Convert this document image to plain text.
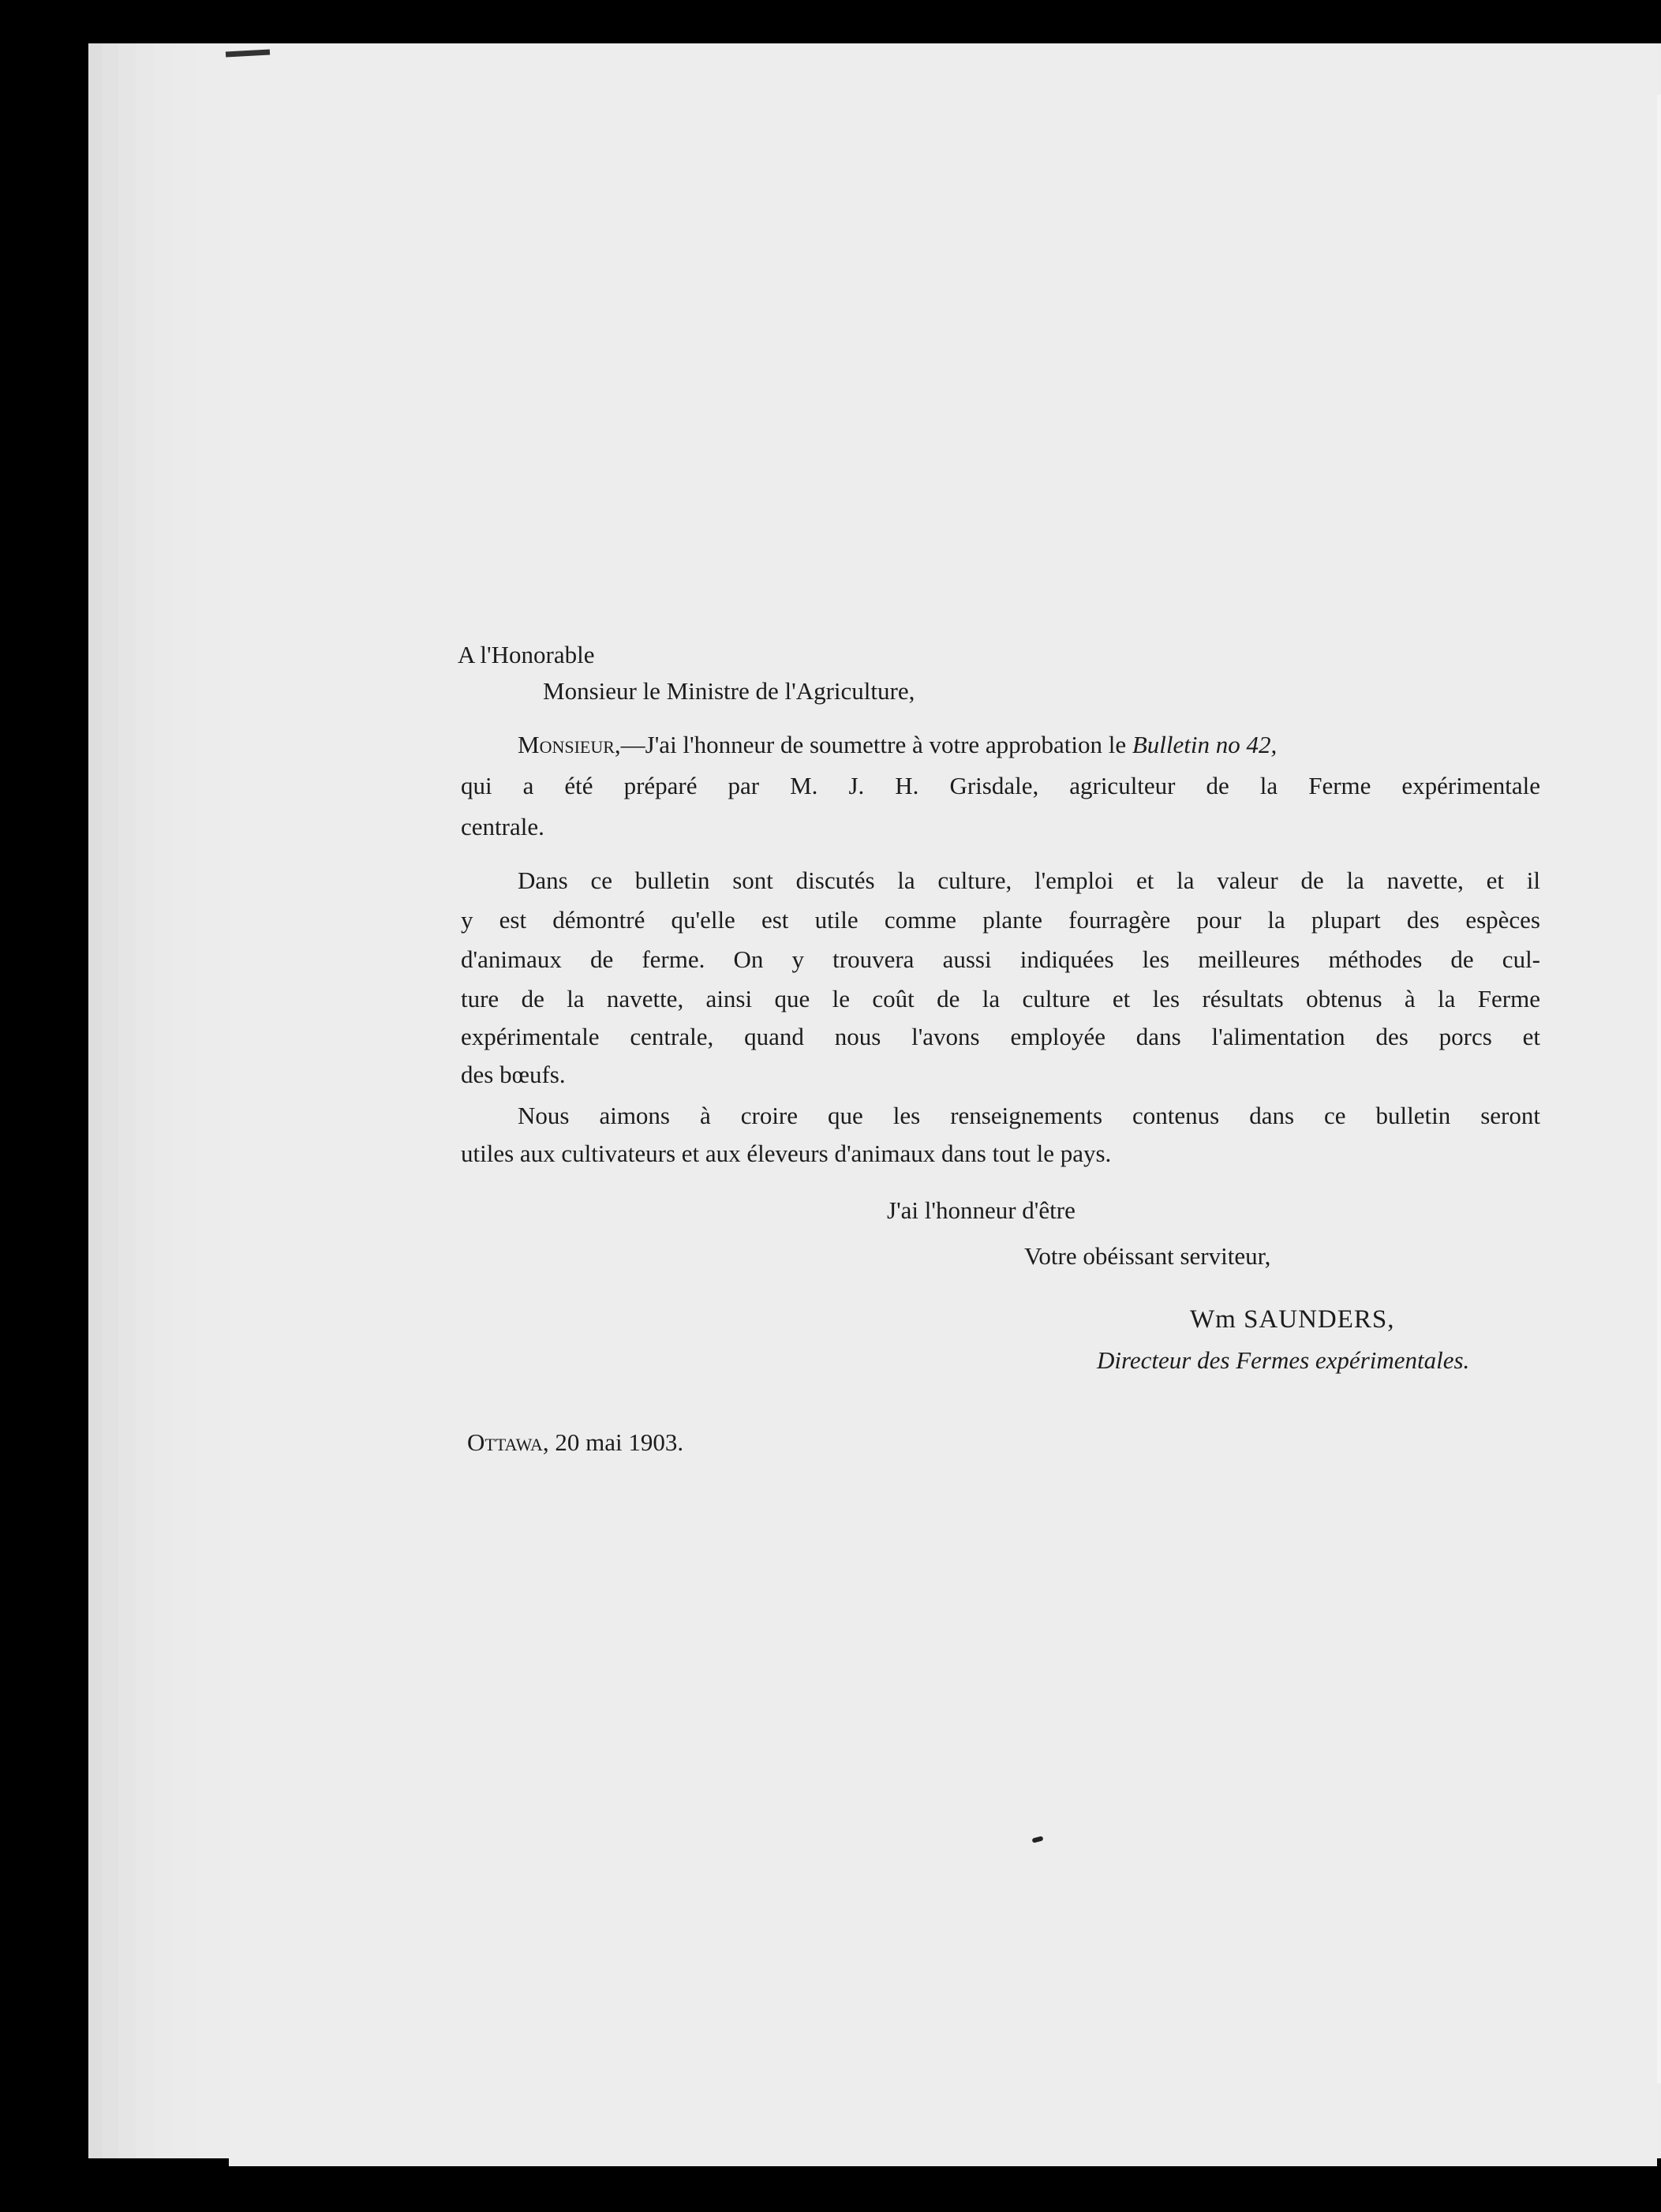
A l'Honorable
Monsieur le Ministre de l'Agriculture,
Monsieur,—J'ai l'honneur de soumettre à votre approbation le Bulletin no 42,
qui a été préparé par M. J. H. Grisdale, agriculteur de la Ferme expérimentale
centrale.
Dans ce bulletin sont discutés la culture, l'emploi et la valeur de la navette, et il
y est démontré qu'elle est utile comme plante fourragère pour la plupart des espèces
d'animaux de ferme. On y trouvera aussi indiquées les meilleures méthodes de cul-
ture de la navette, ainsi que le coût de la culture et les résultats obtenus à la Ferme
expérimentale centrale, quand nous l'avons employée dans l'alimentation des porcs et
des bœufs.
Nous aimons à croire que les renseignements contenus dans ce bulletin seront
utiles aux cultivateurs et aux éleveurs d'animaux dans tout le pays.
J'ai l'honneur d'être
Votre obéissant serviteur,
Wm SAUNDERS,
Directeur des Fermes expérimentales.
Ottawa, 20 mai 1903.
